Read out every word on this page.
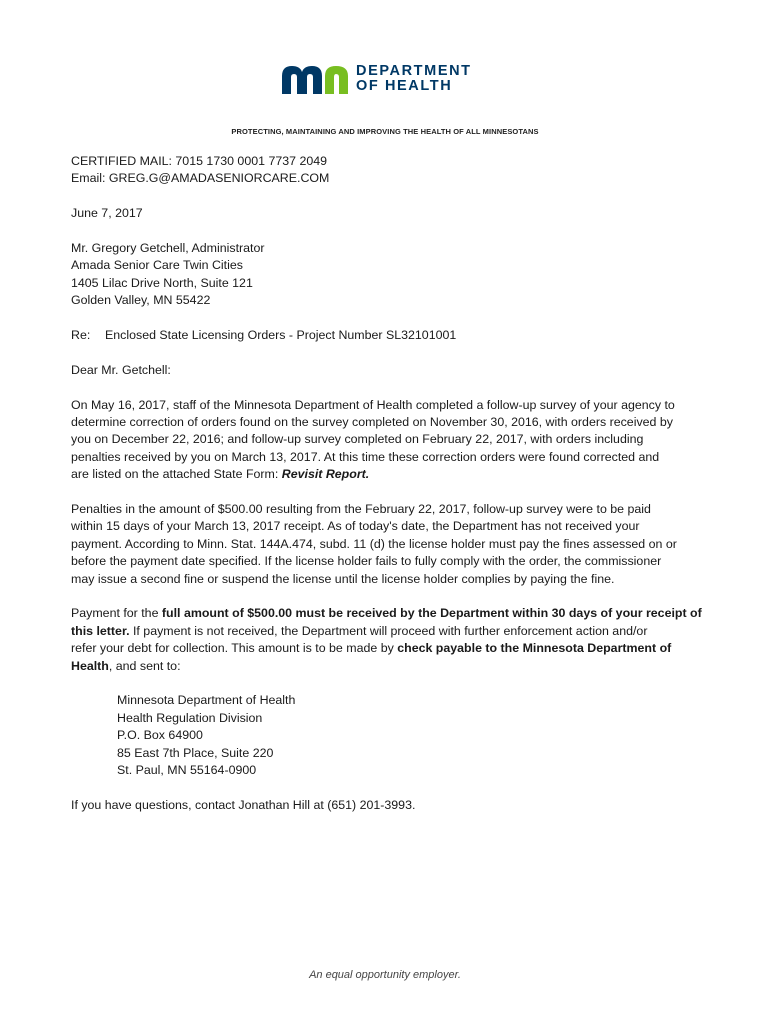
DEPARTMENT
OF HEALTH
PROTECTING, MAINTAINING AND IMPROVING THE HEALTH OF ALL MINNESOTANS
CERTIFIED MAIL: 7015 1730 0001 7737 2049
Email: GREG.G@AMADASENIORCARE.COM
June 7, 2017
Mr. Gregory Getchell, Administrator
Amada Senior Care Twin Cities
1405 Lilac Drive North, Suite 121
Golden Valley, MN 55422
Re: Enclosed State Licensing Orders - Project Number SL32101001
Dear Mr. Getchell:
On May 16, 2017, staff of the Minnesota Department of Health completed a follow-up survey of your agency to
determine correction of orders found on the survey completed on November 30, 2016, with orders received by
you on December 22, 2016; and follow-up survey completed on February 22, 2017, with orders including
penalties received by you on March 13, 2017. At this time these correction orders were found corrected and
are listed on the attached State Form: Revisit Report.
Penalties in the amount of $500.00 resulting from the February 22, 2017, follow-up survey were to be paid
within 15 days of your March 13, 2017 receipt. As of today's date, the Department has not received your
payment. According to Minn. Stat. 144A.474, subd. 11 (d) the license holder must pay the fines assessed on or
before the payment date specified. If the license holder fails to fully comply with the order, the commissioner
may issue a second fine or suspend the license until the license holder complies by paying the fine.
Payment for the full amount of $500.00 must be received by the Department within 30 days of your receipt of
this letter. If payment is not received, the Department will proceed with further enforcement action and/or
refer your debt for collection. This amount is to be made by check payable to the Minnesota Department of
Health, and sent to:
Minnesota Department of Health
Health Regulation Division
P.O. Box 64900
85 East 7th Place, Suite 220
St. Paul, MN 55164-0900
If you have questions, contact Jonathan Hill at (651) 201-3993.
An equal opportunity employer.
